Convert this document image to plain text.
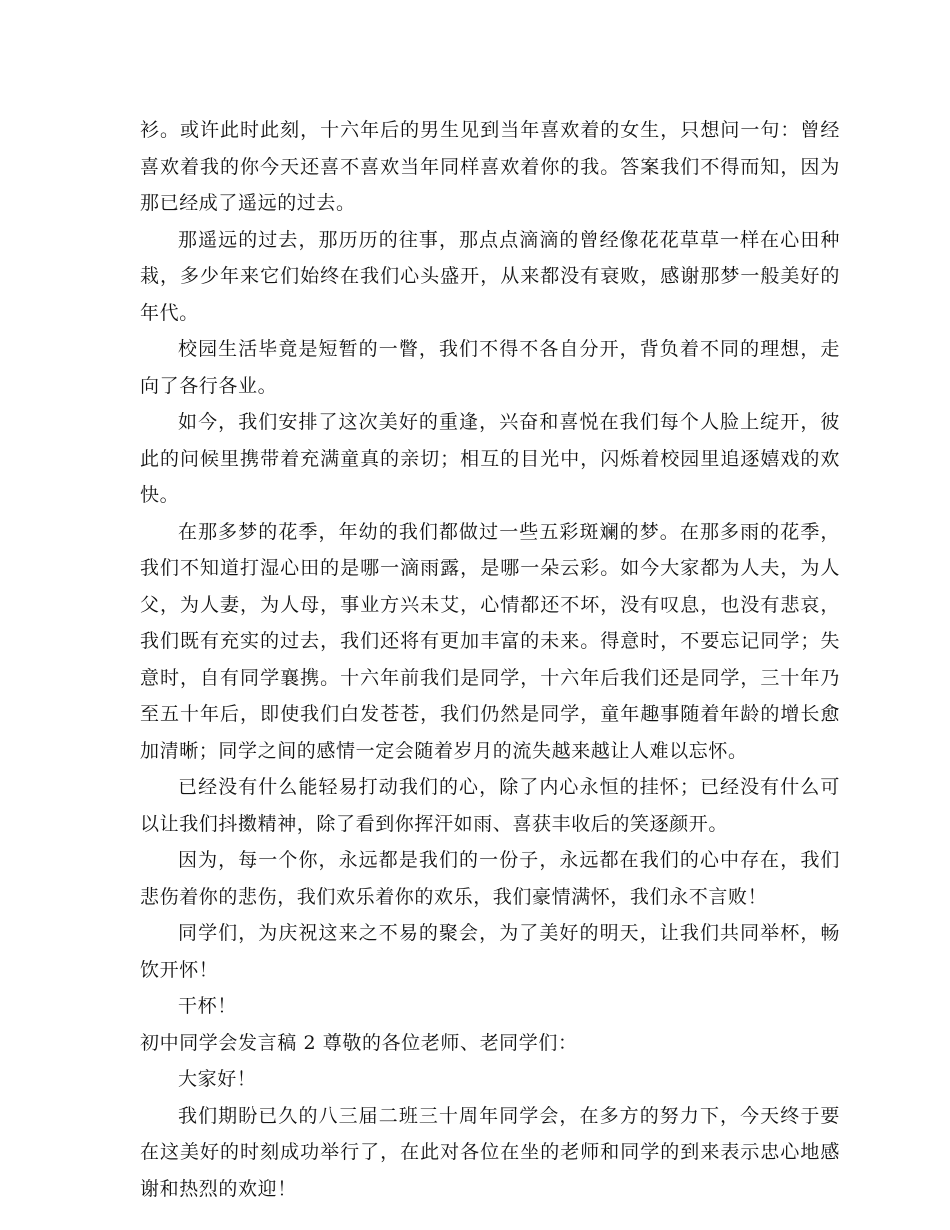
衫。或许此时此刻，十六年后的男生见到当年喜欢着的女生，只想问一句：曾经喜欢着我的你今天还喜不喜欢当年同样喜欢着你的我。答案我们不得而知，因为那已经成了遥远的过去。

那遥远的过去，那历历的往事，那点点滴滴的曾经像花花草草一样在心田种栽，多少年来它们始终在我们心头盛开，从来都没有衰败，感谢那梦一般美好的年代。

校园生活毕竟是短暂的一瞥，我们不得不各自分开，背负着不同的理想，走向了各行各业。

如今，我们安排了这次美好的重逢，兴奋和喜悦在我们每个人脸上绽开，彼此的问候里携带着充满童真的亲切；相互的目光中，闪烁着校园里追逐嬉戏的欢快。

在那多梦的花季，年幼的我们都做过一些五彩斑斓的梦。在那多雨的花季，我们不知道打湿心田的是哪一滴雨露，是哪一朵云彩。如今大家都为人夫，为人父，为人妻，为人母，事业方兴未艾，心情都还不坏，没有叹息，也没有悲哀，我们既有充实的过去，我们还将有更加丰富的未来。得意时，不要忘记同学；失意时，自有同学襄携。十六年前我们是同学，十六年后我们还是同学，三十年乃至五十年后，即使我们白发苍苍，我们仍然是同学，童年趣事随着年龄的增长愈加清晰；同学之间的感情一定会随着岁月的流失越来越让人难以忘怀。

已经没有什么能轻易打动我们的心，除了内心永恒的挂怀；已经没有什么可以让我们抖擞精神，除了看到你挥汗如雨、喜获丰收后的笑逐颜开。

因为，每一个你，永远都是我们的一份子，永远都在我们的心中存在，我们悲伤着你的悲伤，我们欢乐着你的欢乐，我们豪情满怀，我们永不言败！

同学们，为庆祝这来之不易的聚会，为了美好的明天，让我们共同举杯，畅饮开怀！

干杯！

初中同学会发言稿 2 尊敬的各位老师、老同学们：

大家好！

我们期盼已久的八三届二班三十周年同学会，在多方的努力下，今天终于要在这美好的时刻成功举行了，在此对各位在坐的老师和同学的到来表示忠心地感谢和热烈的欢迎！
